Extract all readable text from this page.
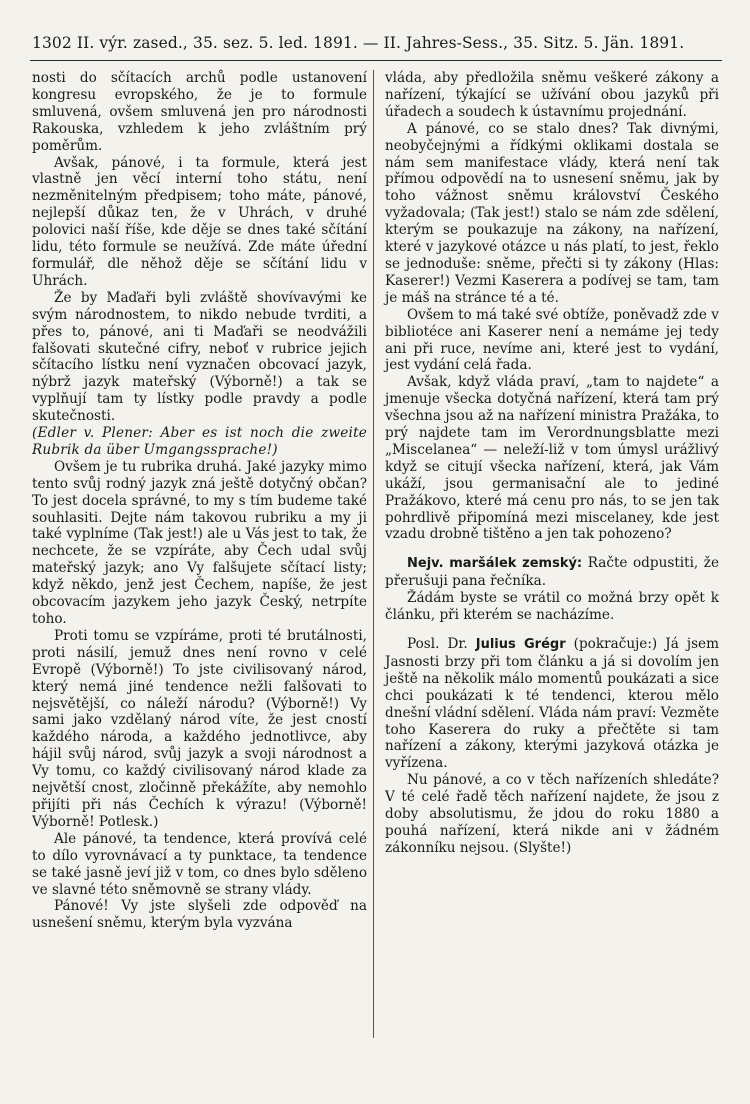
1302 II. výr. zased., 35. sez. 5. led. 1891. — II. Jahres-Sess., 35. Sitz. 5. Jän. 1891.

nosti do sčítacích archů podle ustanovení kongresu evropského, že je to formule smluvená, ovšem smluvená jen pro národnosti Rakouska, vzhledem k jeho zvláštním prý poměrům.

Avšak, pánové, i ta formule, která jest vlastně jen věcí interní toho státu, není nezměnitelným předpisem; toho máte, pánové, nejlepší důkaz ten, že v Uhrách, v druhé polovici naší říše, kde děje se dnes také sčítání lidu, této formule se neužívá. Zde máte úřední formulář, dle něhož děje se sčítání lidu v Uhrách.

Že by Maďaři byli zvláště shovívavými ke svým národnostem, to nikdo nebude tvrditi, a přes to, pánové, ani ti Maďaři se neodvážili falšovati skutečné cifry, neboť v rubrice jejich sčítacího lístku není vyznačen obcovací jazyk, nýbrž jazyk mateřský (Výborně!) a tak se vyplňují tam ty lístky podle pravdy a podle skutečnosti.

(Edler v. Plener: Aber es ist noch die zweite Rubrik da über Umgangssprache!)

Ovšem je tu rubrika druhá. Jaké jazyky mimo tento svůj rodný jazyk zná ještě dotyčný občan? To jest docela správné, to my s tím budeme také souhlasiti. Dejte nám takovou rubriku a my ji také vyplníme (Tak jest!) ale u Vás jest to tak, že nechcete, že se vzpíráte, aby Čech udal svůj mateřský jazyk; ano Vy falšujete sčítací listy; když někdo, jenž jest Čechem, napíše, že jest obcovacím jazykem jeho jazyk Český, netrpíte toho.

Proti tomu se vzpíráme, proti té brutálnosti, proti násilí, jemuž dnes není rovno v celé Evropě (Výborně!) To jste civilisovaný národ, který nemá jiné tendence nežli falšovati to nejsvětější, co náleží národu? (Výborně!) Vy sami jako vzdělaný národ víte, že jest cností každého národa, a každého jednotlivce, aby hájil svůj národ, svůj jazyk a svoji národnost a Vy tomu, co každý civilisovaný národ klade za největší cnost, zločinně překážíte, aby nemohlo přijíti při nás Čechích k výrazu! (Výborně! Výborně! Potlesk.)

Ale pánové, ta tendence, která provívá celé to dílo vyrovnávací a ty punktace, ta tendence se také jasně jeví již v tom, co dnes bylo sděleno ve slavné této sněmovně se strany vlády.

Pánové! Vy jste slyšeli zde odpověď na usnešení sněmu, kterým byla vyzvána

vláda, aby předložila sněmu veškeré zákony a nařízení, týkající se užívání obou jazyků při úřadech a soudech k ústavnímu projednání.

A pánové, co se stalo dnes? Tak divnými, neobyčejnými a řídkými oklikami dostala se nám sem manifestace vlády, která není tak přímou odpovědí na to usnesení sněmu, jak by toho vážnost sněmu království Českého vyžadovala; (Tak jest!) stalo se nám zde sdělení, kterým se poukazuje na zákony, na nařízení, které v jazykové otázce u nás platí, to jest, řeklo se jednoduše: sněme, přečti si ty zákony (Hlas: Kaserer!) Vezmi Kaserera a podívej se tam, tam je máš na stránce té a té.

Ovšem to má také své obtíže, poněvadž zde v bibliotéce ani Kaserer není a nemáme jej tedy ani při ruce, nevíme ani, které jest to vydání, jest vydání celá řada.

Avšak, když vláda praví, „tam to najdete“ a jmenuje všecka dotyčná nařízení, která tam prý všechna jsou až na nařízení ministra Pražáka, to prý najdete tam im Verordnungsblatte mezi „Miscelanea“ — neleží-liž v tom úmysl urážlivý když se citují všecka nařízení, která, jak Vám ukáží, jsou germanisační ale to jediné Pražákovo, které má cenu pro nás, to se jen tak pohrdlivě připomíná mezi miscelaney, kde jest vzadu drobně tištěno a jen tak pohozeno?

Nejv. maršálek zemský: Račte odpustiti, že přerušuji pana řečníka.

Žádám byste se vrátil co možná brzy opět k článku, při kterém se nacházíme.

Posl. Dr. Julius Grégr (pokračuje:) Já jsem Jasnosti brzy při tom článku a já si dovolím jen ještě na několik málo momentů poukázati a sice chci poukázati k té tendenci, kterou mělo dnešní vládní sdělení. Vláda nám praví: Vezměte toho Kaserera do ruky a přečtěte si tam nařízení a zákony, kterými jazyková otázka je vyřízena.

Nu pánové, a co v těch nařízeních shledáte? V té celé řadě těch nařízení najdete, že jsou z doby absolutismu, že jdou do roku 1880 a pouhá nařízení, která nikde ani v žádném zákonníku nejsou. (Slyšte!)
